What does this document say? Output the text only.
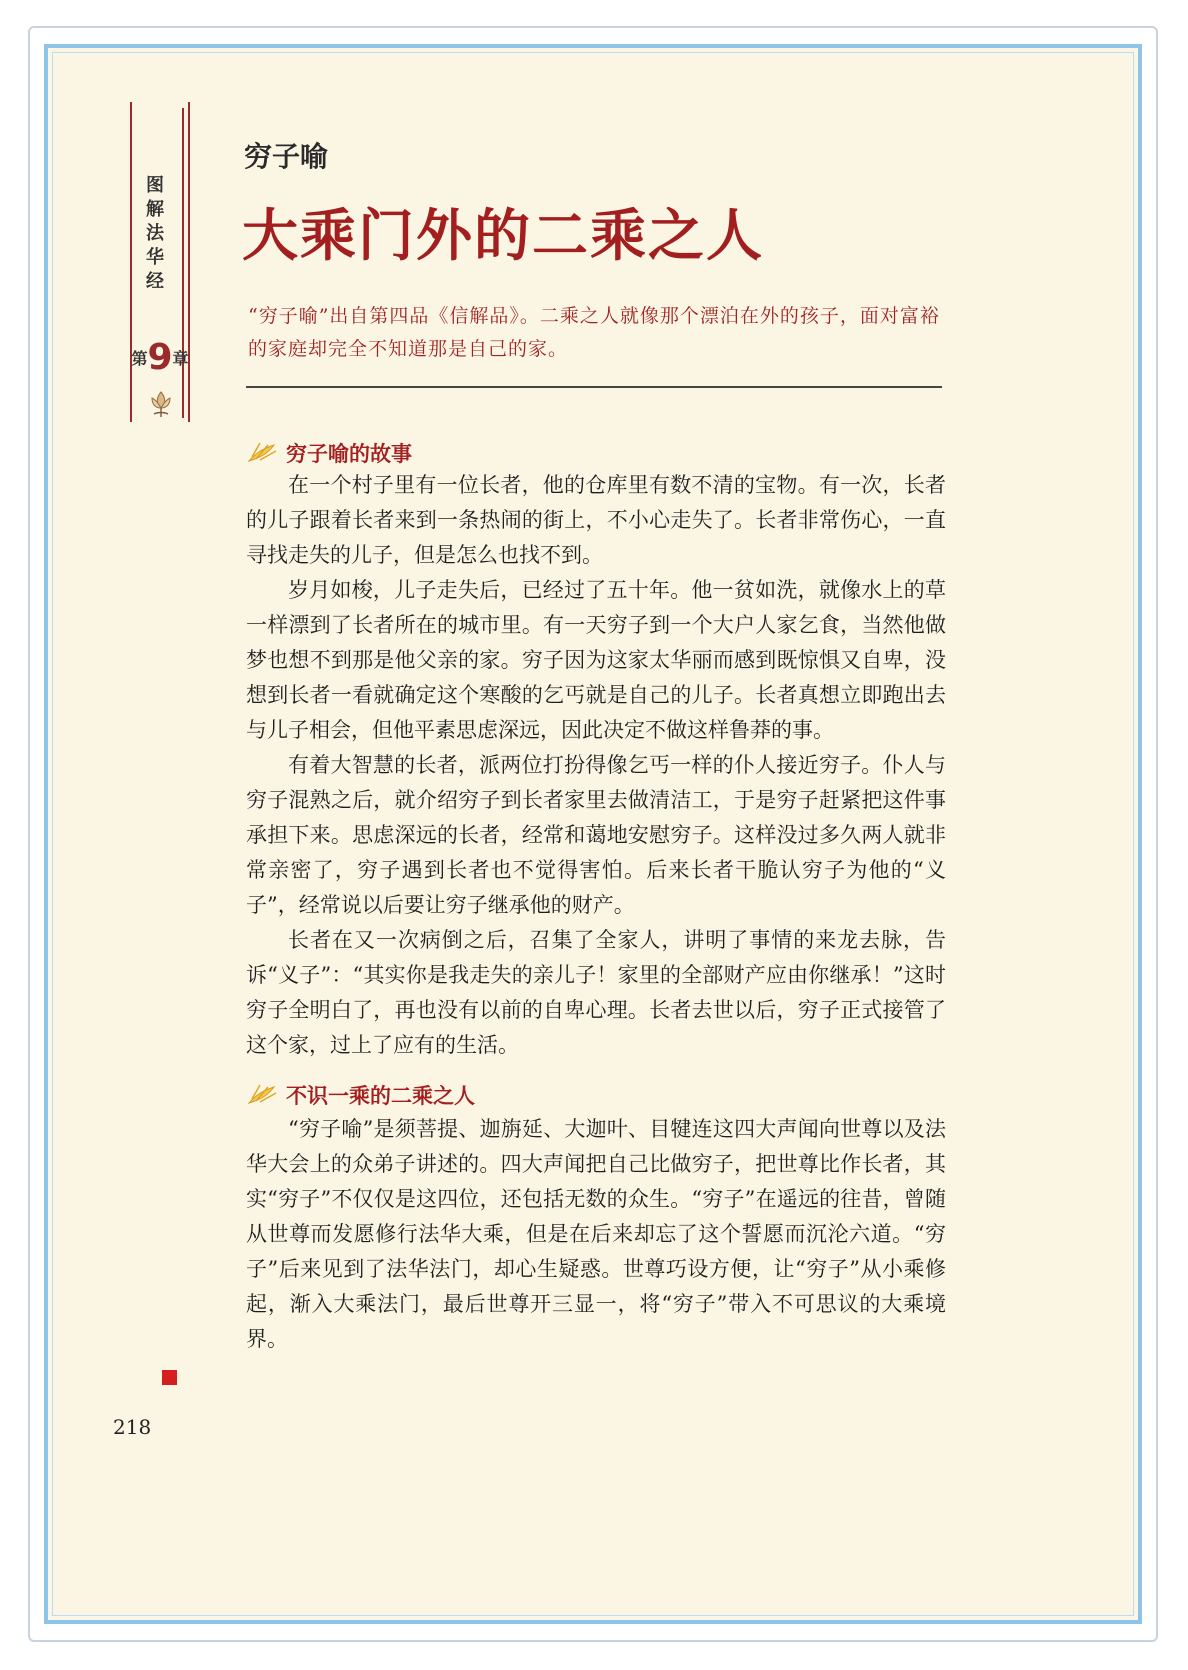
图
解
法
华
经
第9章
穷子喻
大乘门外的二乘之人
“穷子喻”出自第四品《信解品》。二乘之人就像那个漂泊在外的孩子，面对富裕的家庭却完全不知道那是自己的家。
穷子喻的故事

在一个村子里有一位长者，他的仓库里有数不清的宝物。有一次，长者的儿子跟着长者来到一条热闹的街上，不小心走失了。长者非常伤心，一直寻找走失的儿子，但是怎么也找不到。

岁月如梭，儿子走失后，已经过了五十年。他一贫如洗，就像水上的草一样漂到了长者所在的城市里。有一天穷子到一个大户人家乞食，当然他做梦也想不到那是他父亲的家。穷子因为这家太华丽而感到既惊惧又自卑，没想到长者一看就确定这个寒酸的乞丐就是自己的儿子。长者真想立即跑出去与儿子相会，但他平素思虑深远，因此决定不做这样鲁莽的事。

有着大智慧的长者，派两位打扮得像乞丐一样的仆人接近穷子。仆人与穷子混熟之后，就介绍穷子到长者家里去做清洁工，于是穷子赶紧把这件事承担下来。思虑深远的长者，经常和蔼地安慰穷子。这样没过多久两人就非常亲密了，穷子遇到长者也不觉得害怕。后来长者干脆认穷子为他的“义子”，经常说以后要让穷子继承他的财产。

长者在又一次病倒之后，召集了全家人，讲明了事情的来龙去脉，告诉“义子”：“其实你是我走失的亲儿子！家里的全部财产应由你继承！”这时穷子全明白了，再也没有以前的自卑心理。长者去世以后，穷子正式接管了这个家，过上了应有的生活。

不识一乘的二乘之人

“穷子喻”是须菩提、迦旃延、大迦叶、目犍连这四大声闻向世尊以及法华大会上的众弟子讲述的。四大声闻把自己比做穷子，把世尊比作长者，其实“穷子”不仅仅是这四位，还包括无数的众生。“穷子”在遥远的往昔，曾随从世尊而发愿修行法华大乘，但是在后来却忘了这个誓愿而沉沦六道。“穷子”后来见到了法华法门，却心生疑惑。世尊巧设方便，让“穷子”从小乘修起，渐入大乘法门，最后世尊开三显一，将“穷子”带入不可思议的大乘境界。

218
